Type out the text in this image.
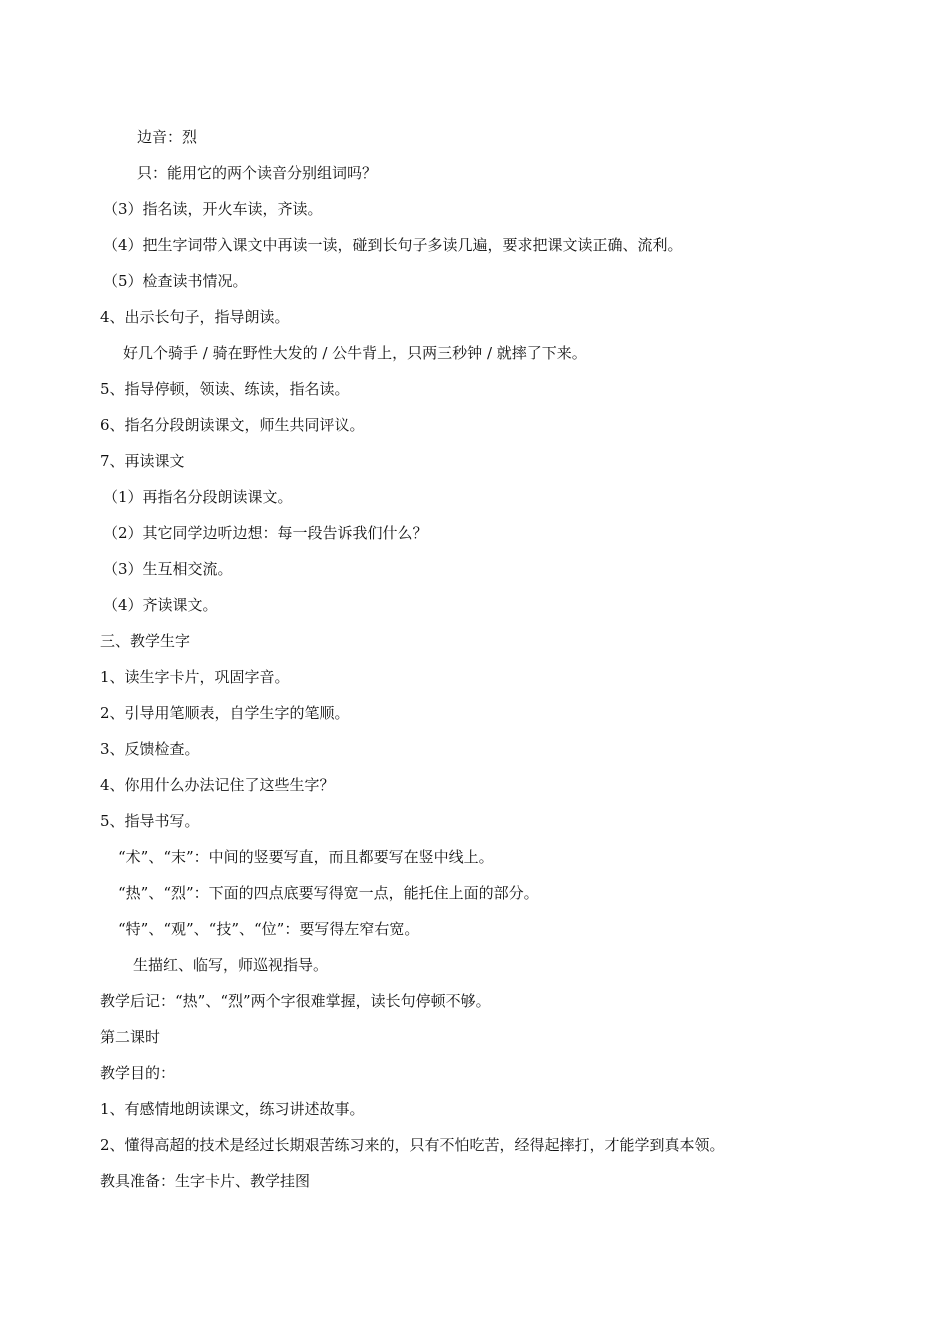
边音：烈
只：能用它的两个读音分别组词吗？
（3）指名读，开火车读，齐读。
（4）把生字词带入课文中再读一读，碰到长句子多读几遍，要求把课文读正确、流利。
（5）检查读书情况。
4、出示长句子，指导朗读。
好几个骑手 / 骑在野性大发的 / 公牛背上，只两三秒钟 / 就摔了下来。
5、指导停顿，领读、练读，指名读。
6、指名分段朗读课文，师生共同评议。
7、再读课文
（1）再指名分段朗读课文。
（2）其它同学边听边想：每一段告诉我们什么？
（3）生互相交流。
（4）齐读课文。
三、教学生字
1、读生字卡片，巩固字音。
2、引导用笔顺表，自学生字的笔顺。
3、反馈检查。
4、你用什么办法记住了这些生字？
5、指导书写。
“术”、“末”：中间的竖要写直，而且都要写在竖中线上。
“热”、“烈”：下面的四点底要写得宽一点，能托住上面的部分。
“特”、“观”、“技”、“位”：要写得左窄右宽。
生描红、临写，师巡视指导。
教学后记：“热”、“烈”两个字很难掌握，读长句停顿不够。
第二课时
教学目的：
1、有感情地朗读课文，练习讲述故事。
2、懂得高超的技术是经过长期艰苦练习来的，只有不怕吃苦，经得起摔打，才能学到真本领。
教具准备：生字卡片、教学挂图
